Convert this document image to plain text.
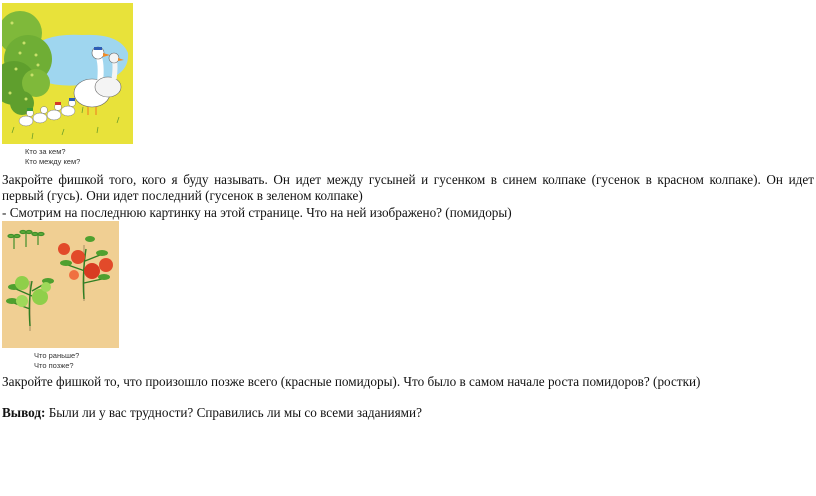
Кто за кем?
Кто между кем?
Закройте фишкой того, кого я буду называть. Он идет между гусыней и гусенком в синем колпаке (гусенок в красном колпаке). Он идет
первый (гусь). Они идет последний (гусенок в зеленом колпаке)
- Смотрим на последнюю картинку на этой странице. Что на ней изображено? (помидоры)
Что раньше?
Что позже?
Закройте фишкой то, что произошло позже всего (красные помидоры). Что было в самом начале роста помидоров? (ростки)
Вывод: Были ли у вас трудности? Справились ли мы со всеми заданиями?
